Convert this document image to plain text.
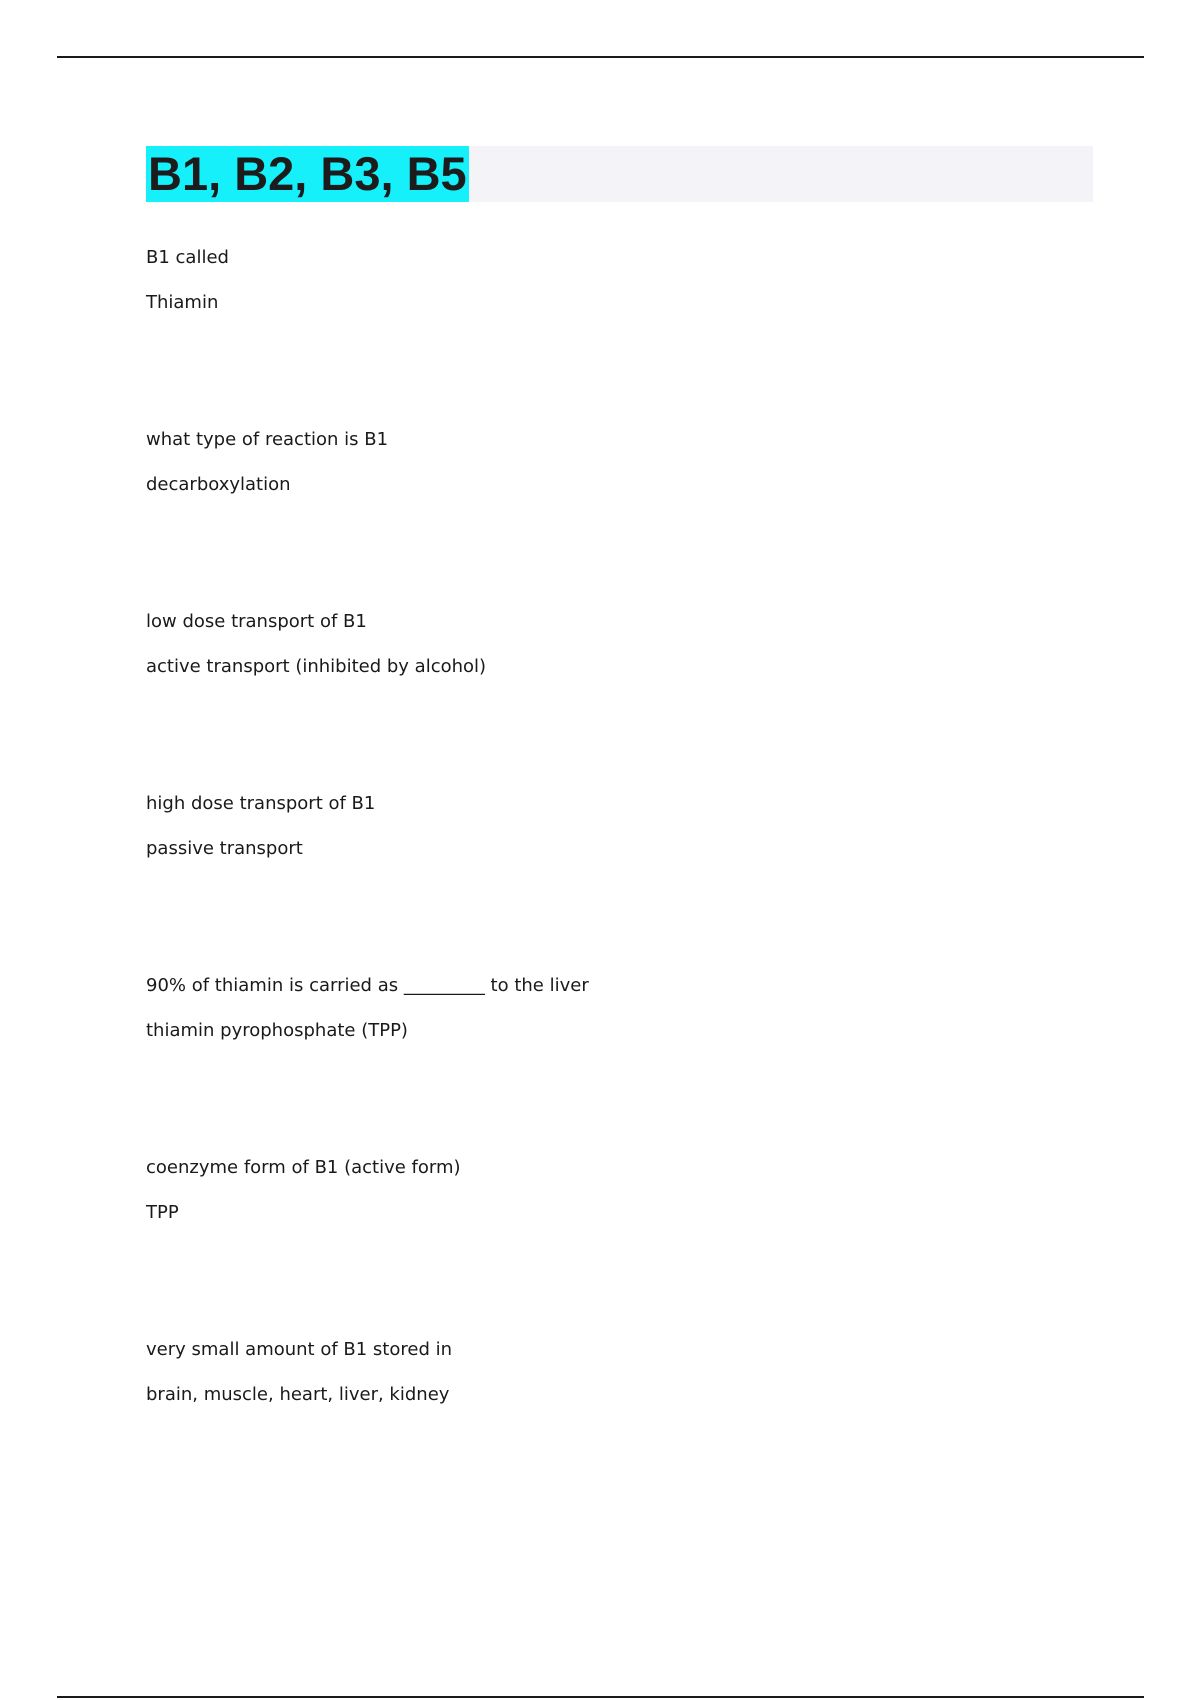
B1, B2, B3, B5
B1 called
Thiamin
what type of reaction is B1
decarboxylation
low dose transport of B1
active transport (inhibited by alcohol)
high dose transport of B1
passive transport
90% of thiamin is carried as _________ to the liver
thiamin pyrophosphate (TPP)
coenzyme form of B1 (active form)
TPP
very small amount of B1 stored in
brain, muscle, heart, liver, kidney
